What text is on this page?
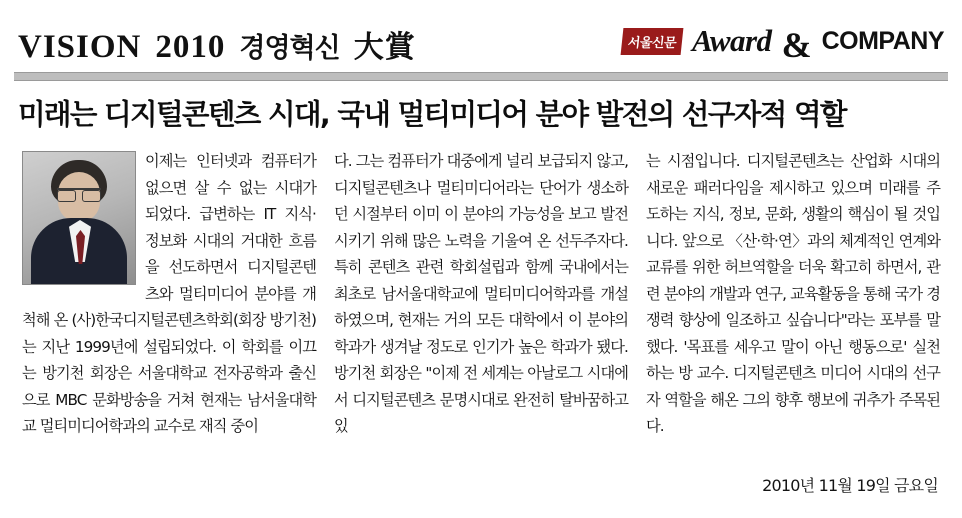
VISION 2010 경영혁신 大賞	서울신문 Award & COMPANY
미래는 디지털콘텐츠 시대, 국내 멀티미디어 분야 발전의 선구자적 역할

이제는 인터넷과 컴퓨터가 없으면 살 수 없는 시대가 되었다. 급변하는 IT 지식· 정보화 시대의 거대한 흐름을 선도하면서 디지털콘텐츠와 멀티미디어 분야를 개척해 온 (사)한국디지털콘텐츠학회(회장 방기천)는 지난 1999년에 설립되었다. 이 학회를 이끄는 방기천 회장은 서울대학교 전자공학과 출신으로 MBC 문화방송을 거쳐 현재는 남서울대학교 멀티미디어학과의 교수로 재직 중이

다. 그는 컴퓨터가 대중에게 널리 보급되지 않고, 디지털콘텐츠나 멀티미디어라는 단어가 생소하던 시절부터 이미 이 분야의 가능성을 보고 발전시키기 위해 많은 노력을 기울여 온 선두주자다. 특히 콘텐츠 관련 학회설립과 함께 국내에서는 최초로 남서울대학교에 멀티미디어학과를 개설하였으며, 현재는 거의 모든 대학에서 이 분야의 학과가 생겨날 정도로 인기가 높은 학과가 됐다. 방기천 회장은 "이제 전 세계는 아날로그 시대에서 디지털콘텐츠 문명시대로 완전히 탈바꿈하고 있

는 시점입니다. 디지털콘텐츠는 산업화 시대의 새로운 패러다임을 제시하고 있으며 미래를 주도하는 지식, 정보, 문화, 생활의 핵심이 될 것입니다. 앞으로 〈산·학·연〉과의 체계적인 연계와 교류를 위한 허브역할을 더욱 확고히 하면서, 관련 분야의 개발과 연구, 교육활동을 통해 국가 경쟁력 향상에 일조하고 싶습니다"라는 포부를 말했다. '목표를 세우고 말이 아닌 행동으로' 실천하는 방 교수. 디지털콘텐츠 미디어 시대의 선구자 역할을 해온 그의 향후 행보에 귀추가 주목된다.

2010년 11월 19일 금요일
